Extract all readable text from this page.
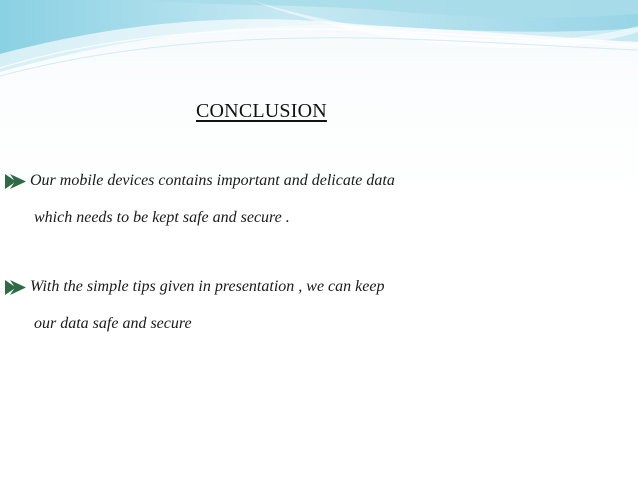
CONCLUSION
Our mobile devices contains important and delicate data
which needs to be kept safe and secure .
With the simple tips given in presentation , we can keep
our data safe and secure
